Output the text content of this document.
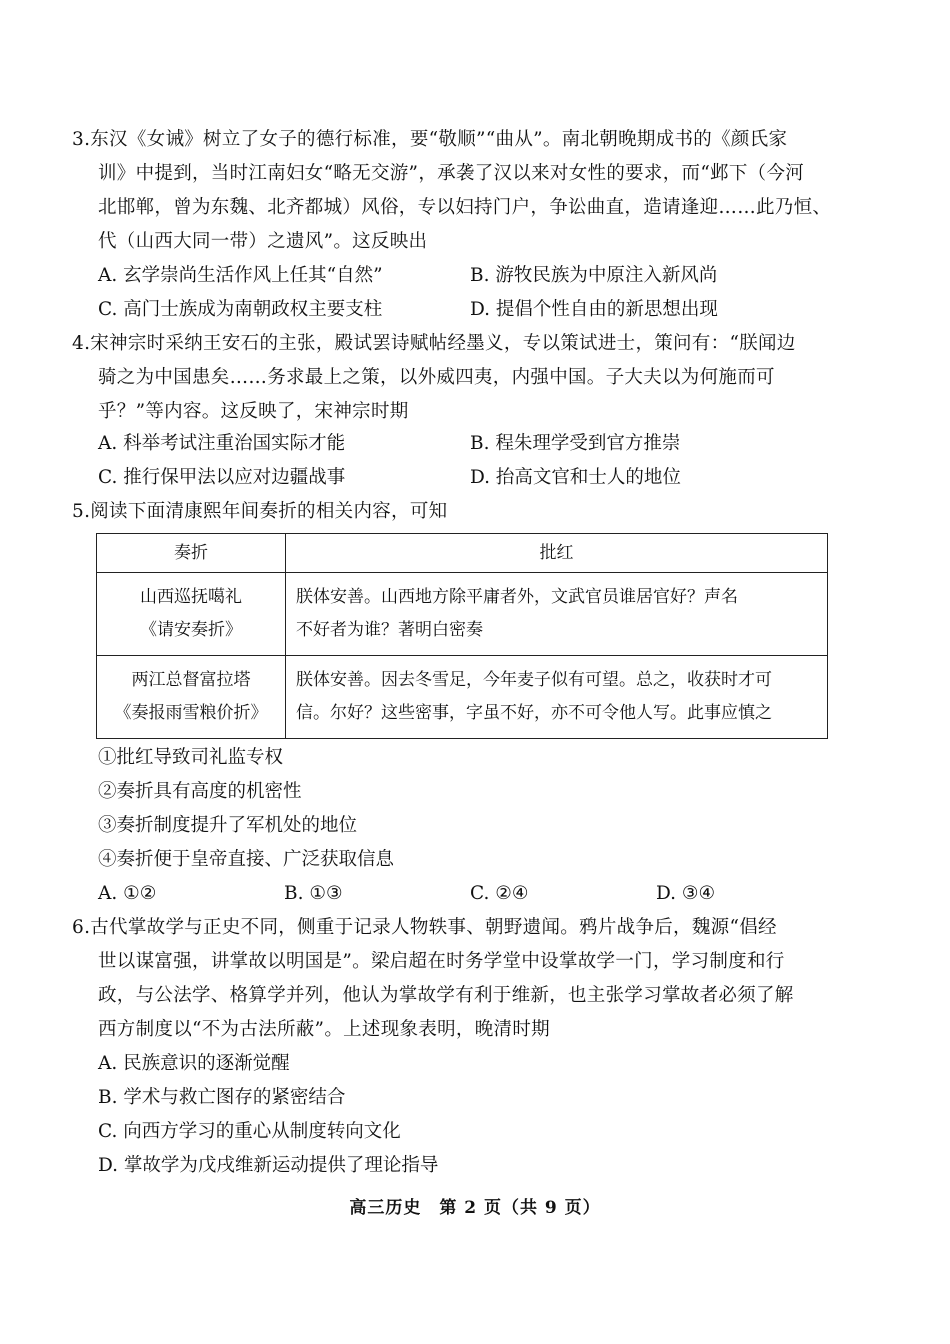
3.东汉《女诫》树立了女子的德行标准，要“敬顺”“曲从”。南北朝晚期成书的《颜氏家
训》中提到，当时江南妇女“略无交游”，承袭了汉以来对女性的要求，而“邺下（今河
北邯郸，曾为东魏、北齐都城）风俗，专以妇持门户，争讼曲直，造请逢迎……此乃恒、
代（山西大同一带）之遗风”。这反映出
A. 玄学崇尚生活作风上任其“自然”	B. 游牧民族为中原注入新风尚
C. 高门士族成为南朝政权主要支柱	D. 提倡个性自由的新思想出现
4.宋神宗时采纳王安石的主张，殿试罢诗赋帖经墨义，专以策试进士，策问有：“朕闻边
骑之为中国患矣……务求最上之策，以外威四夷，内强中国。子大夫以为何施而可
乎？”等内容。这反映了，宋神宗时期
A. 科举考试注重治国实际才能	B. 程朱理学受到官方推崇
C. 推行保甲法以应对边疆战事	D. 抬高文官和士人的地位
5.阅读下面清康熙年间奏折的相关内容，可知
奏折	批红

山西巡抚噶礼
《请安奏折》	朕体安善。山西地方除平庸者外，文武官员谁居官好？声名
不好者为谁？著明白密奏

两江总督富拉塔
《奏报雨雪粮价折》	朕体安善。因去冬雪足，今年麦子似有可望。总之，收获时才可
信。尔好？这些密事，字虽不好，亦不可令他人写。此事应慎之
①批红导致司礼监专权
②奏折具有高度的机密性
③奏折制度提升了军机处的地位
④奏折便于皇帝直接、广泛获取信息
A. ①②	B. ①③	C. ②④	D. ③④
6.古代掌故学与正史不同，侧重于记录人物轶事、朝野遗闻。鸦片战争后，魏源“倡经
世以谋富强，讲掌故以明国是”。梁启超在时务学堂中设掌故学一门，学习制度和行
政，与公法学、格算学并列，他认为掌故学有利于维新，也主张学习掌故者必须了解
西方制度以“不为古法所蔽”。上述现象表明，晚清时期
A. 民族意识的逐渐觉醒
B. 学术与救亡图存的紧密结合
C. 向西方学习的重心从制度转向文化
D. 掌故学为戊戌维新运动提供了理论指导
高三历史　第 2 页（共 9 页）
